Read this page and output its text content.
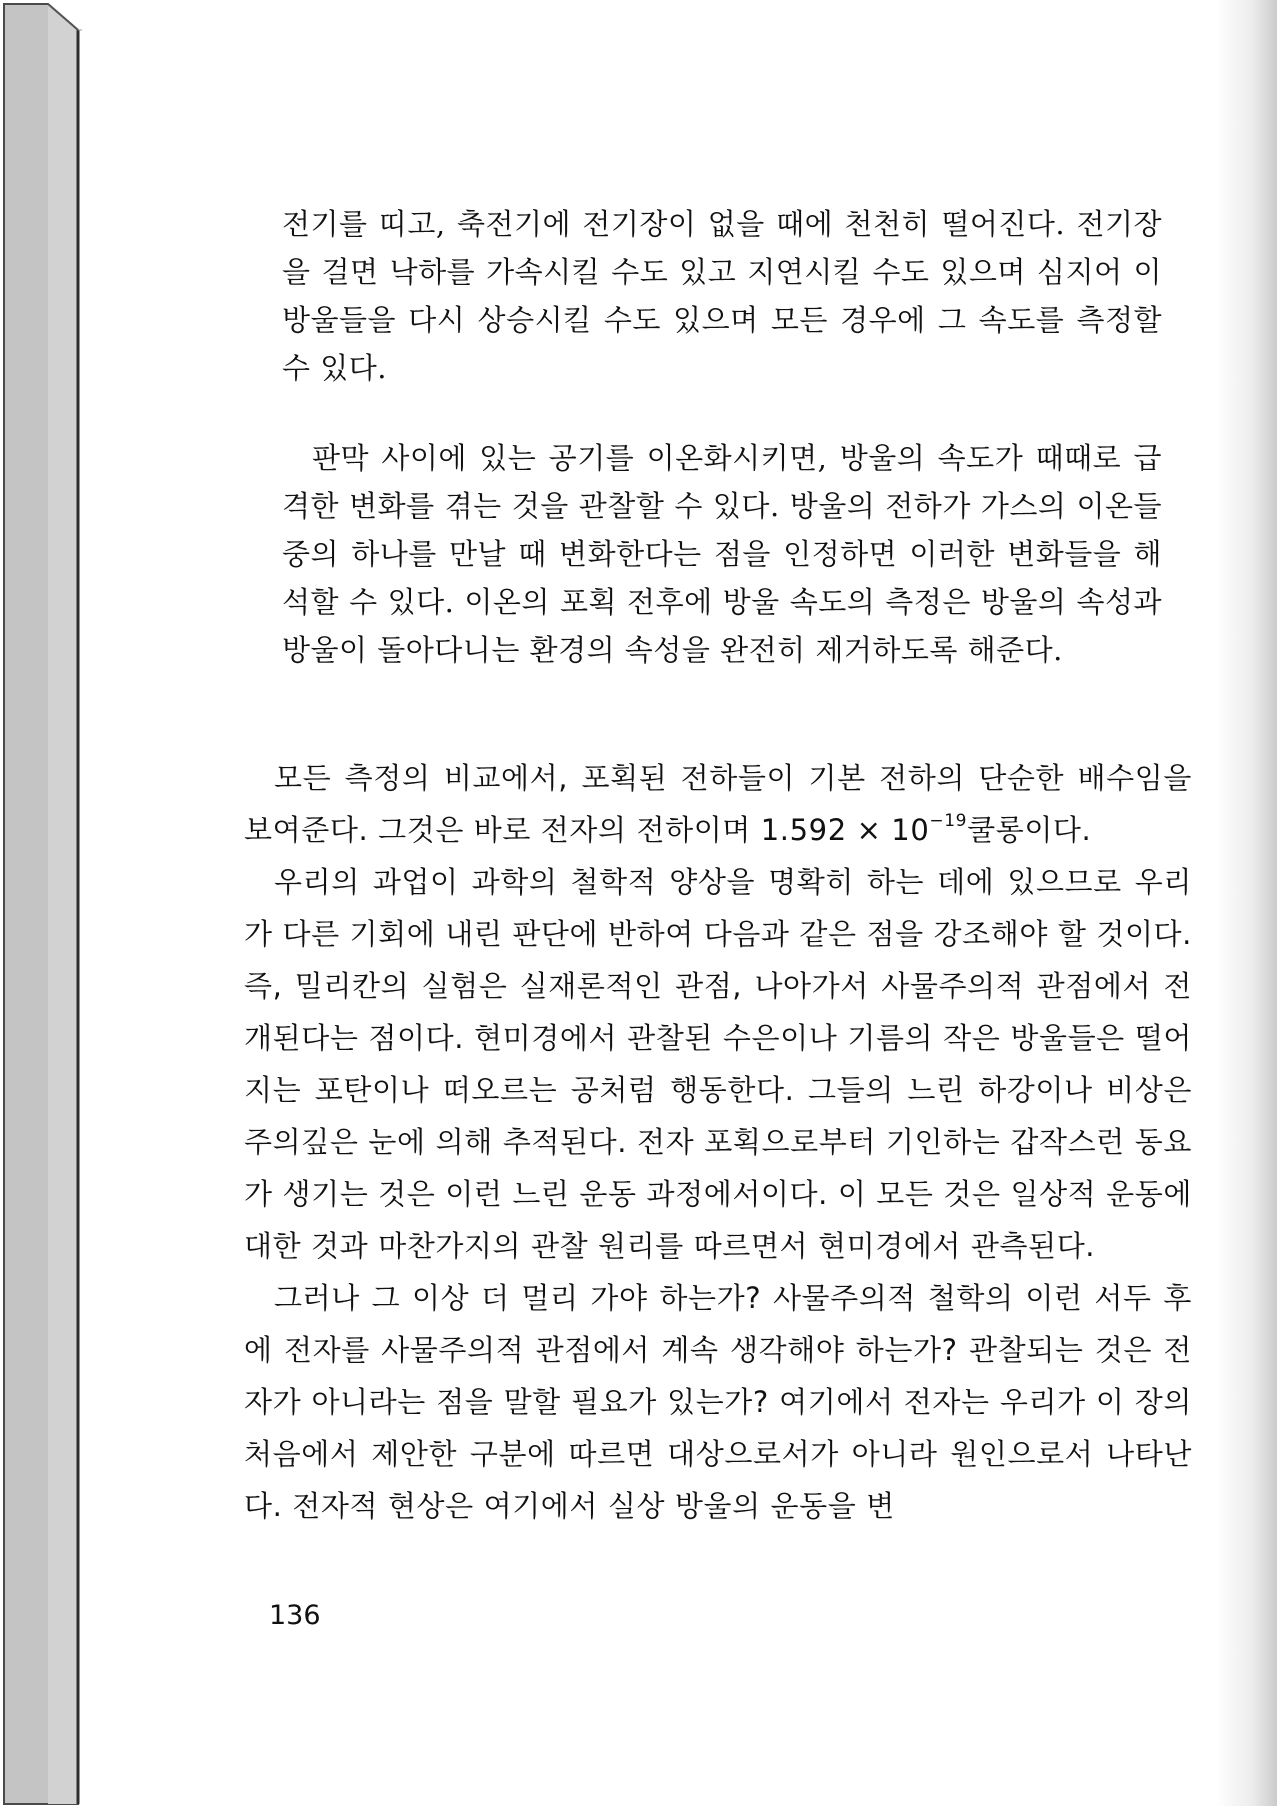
전기를 띠고, 축전기에 전기장이 없을 때에 천천히 떨어진다. 전기장을 걸면 낙하를 가속시킬 수도 있고 지연시킬 수도 있으며 심지어 이 방울들을 다시 상승시킬 수도 있으며 모든 경우에 그 속도를 측정할 수 있다.

판막 사이에 있는 공기를 이온화시키면, 방울의 속도가 때때로 급격한 변화를 겪는 것을 관찰할 수 있다. 방울의 전하가 가스의 이온들 중의 하나를 만날 때 변화한다는 점을 인정하면 이러한 변화들을 해석할 수 있다. 이온의 포획 전후에 방울 속도의 측정은 방울의 속성과 방울이 돌아다니는 환경의 속성을 완전히 제거하도록 해준다.

모든 측정의 비교에서, 포획된 전하들이 기본 전하의 단순한 배수임을 보여준다. 그것은 바로 전자의 전하이며 $1.592 \times 10^{-19}$쿨롱이다.

우리의 과업이 과학의 철학적 양상을 명확히 하는 데에 있으므로 우리가 다른 기회에 내린 판단에 반하여 다음과 같은 점을 강조해야 할 것이다. 즉, 밀리칸의 실험은 실재론적인 관점, 나아가서 사물주의적 관점에서 전개된다는 점이다. 현미경에서 관찰된 수은이나 기름의 작은 방울들은 떨어지는 포탄이나 떠오르는 공처럼 행동한다. 그들의 느린 하강이나 비상은 주의깊은 눈에 의해 추적된다. 전자 포획으로부터 기인하는 갑작스런 동요가 생기는 것은 이런 느린 운동 과정에서이다. 이 모든 것은 일상적 운동에 대한 것과 마찬가지의 관찰 원리를 따르면서 현미경에서 관측된다.

그러나 그 이상 더 멀리 가야 하는가? 사물주의적 철학의 이런 서두 후에 전자를 사물주의적 관점에서 계속 생각해야 하는가? 관찰되는 것은 전자가 아니라는 점을 말할 필요가 있는가? 여기에서 전자는 우리가 이 장의 처음에서 제안한 구분에 따르면 대상으로서가 아니라 원인으로서 나타난다. 전자적 현상은 여기에서 실상 방울의 운동을 변

136
